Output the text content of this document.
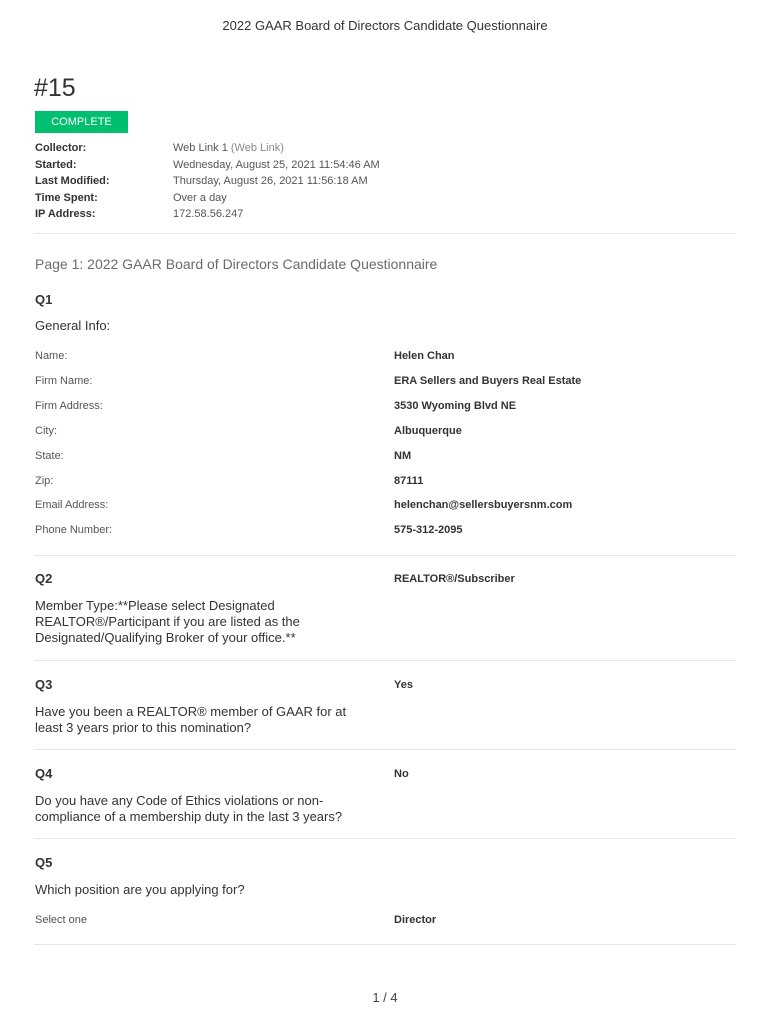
2022 GAAR Board of Directors Candidate Questionnaire
#15
COMPLETE
Collector:	Web Link 1 (Web Link)
Started:	Wednesday, August 25, 2021 11:54:46 AM
Last Modified:	Thursday, August 26, 2021 11:56:18 AM
Time Spent:	Over a day
IP Address:	172.58.56.247
Page 1: 2022 GAAR Board of Directors Candidate Questionnaire
Q1
General Info:
Name:	Helen Chan
Firm Name:	ERA Sellers and Buyers Real Estate
Firm Address:	3530 Wyoming Blvd NE
City:	Albuquerque
State:	NM
Zip:	87111
Email Address:	helenchan@sellersbuyersnm.com
Phone Number:	575-312-2095
Q2	REALTOR®/Subscriber
Member Type:**Please select Designated REALTOR®/Participant if you are listed as the Designated/Qualifying Broker of your office.**
Q3	Yes
Have you been a REALTOR® member of GAAR for at least 3 years prior to this nomination?
Q4	No
Do you have any Code of Ethics violations or non-compliance of a membership duty in the last 3 years?
Q5
Which position are you applying for?
Select one	Director
1 / 4
